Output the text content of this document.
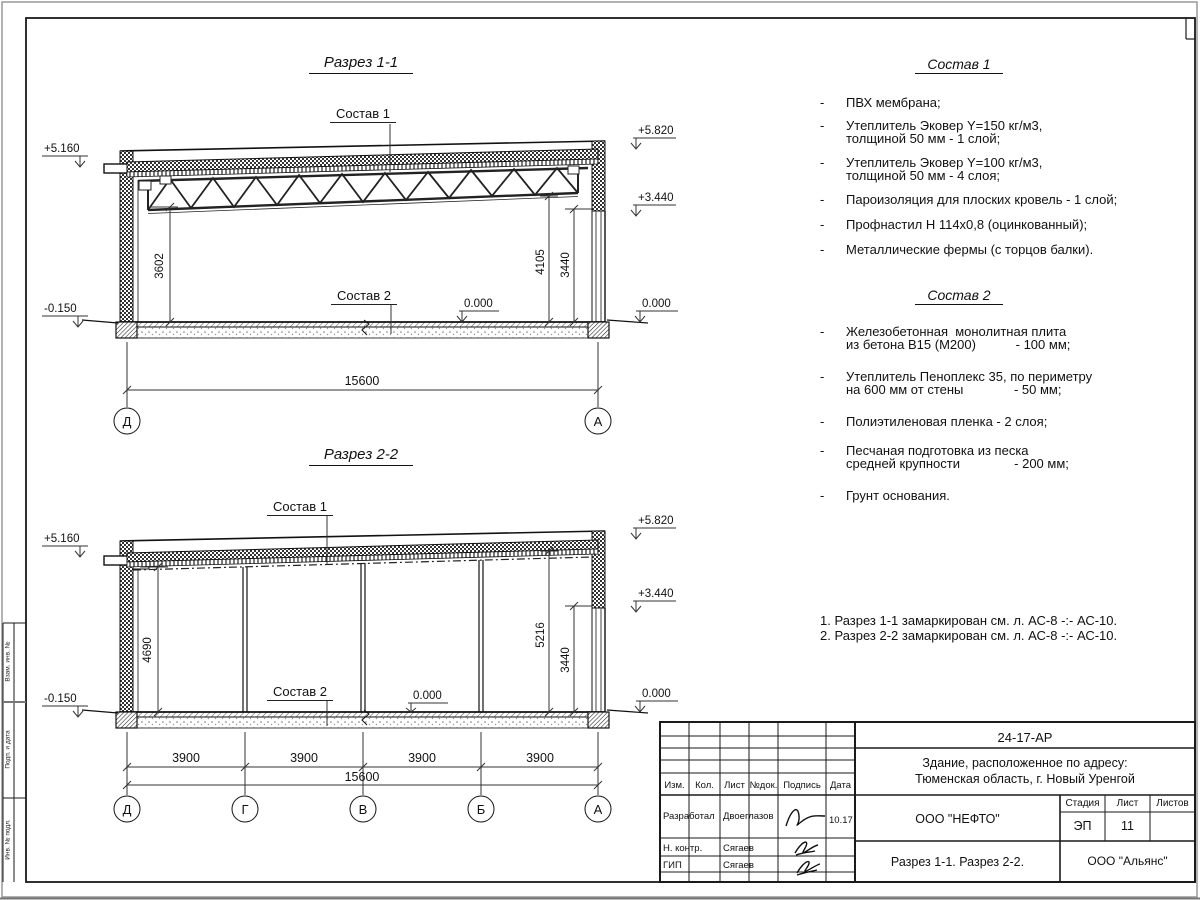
+5.160
-0.150
+5.820
+3.440
0.000
0.000
3602	4105 3440
15600
Д	А
+5.160
-0.150
+5.820
+3.440
0.000
0.000
4690
5216
3440
3900	3900	3900	3900
15600
Д	Г	В	Б	А
Разрез 1-1
Разрез 2-2
Состав 1
Состав 2
Состав 1
Состав 2
Состав 1
- ПВХ мембрана;
- Утеплитель Эковер Y=150 кг/м3,
толщиной 50 мм - 1 слой;
- Утеплитель Эковер Y=100 кг/м3,
толщиной 50 мм - 4 слоя;
- Пароизоляция для плоских кровель - 1 слой;
- Профнастил Н 114х0,8 (оцинкованный);
- Металлические фермы (с торцов балки).
Состав 2
- Железобетонная  монолитная плита
из бетона В15 (М200)           - 100 мм;
- Утеплитель Пеноплекс 35, по периметру
на 600 мм от стены              - 50 мм;
- Полиэтиленовая пленка - 2 слоя;
- Песчаная подготовка из песка
средней крупности               - 200 мм;
- Грунт основания.
1. Разрез 1-1 замаркирован см. л. АС-8 -:- АС-10.
2. Разрез 2-2 замаркирован см. л. АС-8 -:- АС-10.
24-17-АР
Здание, расположенное по адресу:
Тюменская область, г. Новый Уренгой
ООО "НЕФТО"
Стадия	Лист	Листов
ЭП	11
Разрез 1-1. Разрез 2-2.	ООО "Альянс"
Изм.	Кол.	Лист №док. Подпись Дата
Разработал Двоеглазов	10.17
Н. контр. Сягаев
ГИП	Сягаев
Взам. инв. №
Подп. и дата
Инв. № подл.
